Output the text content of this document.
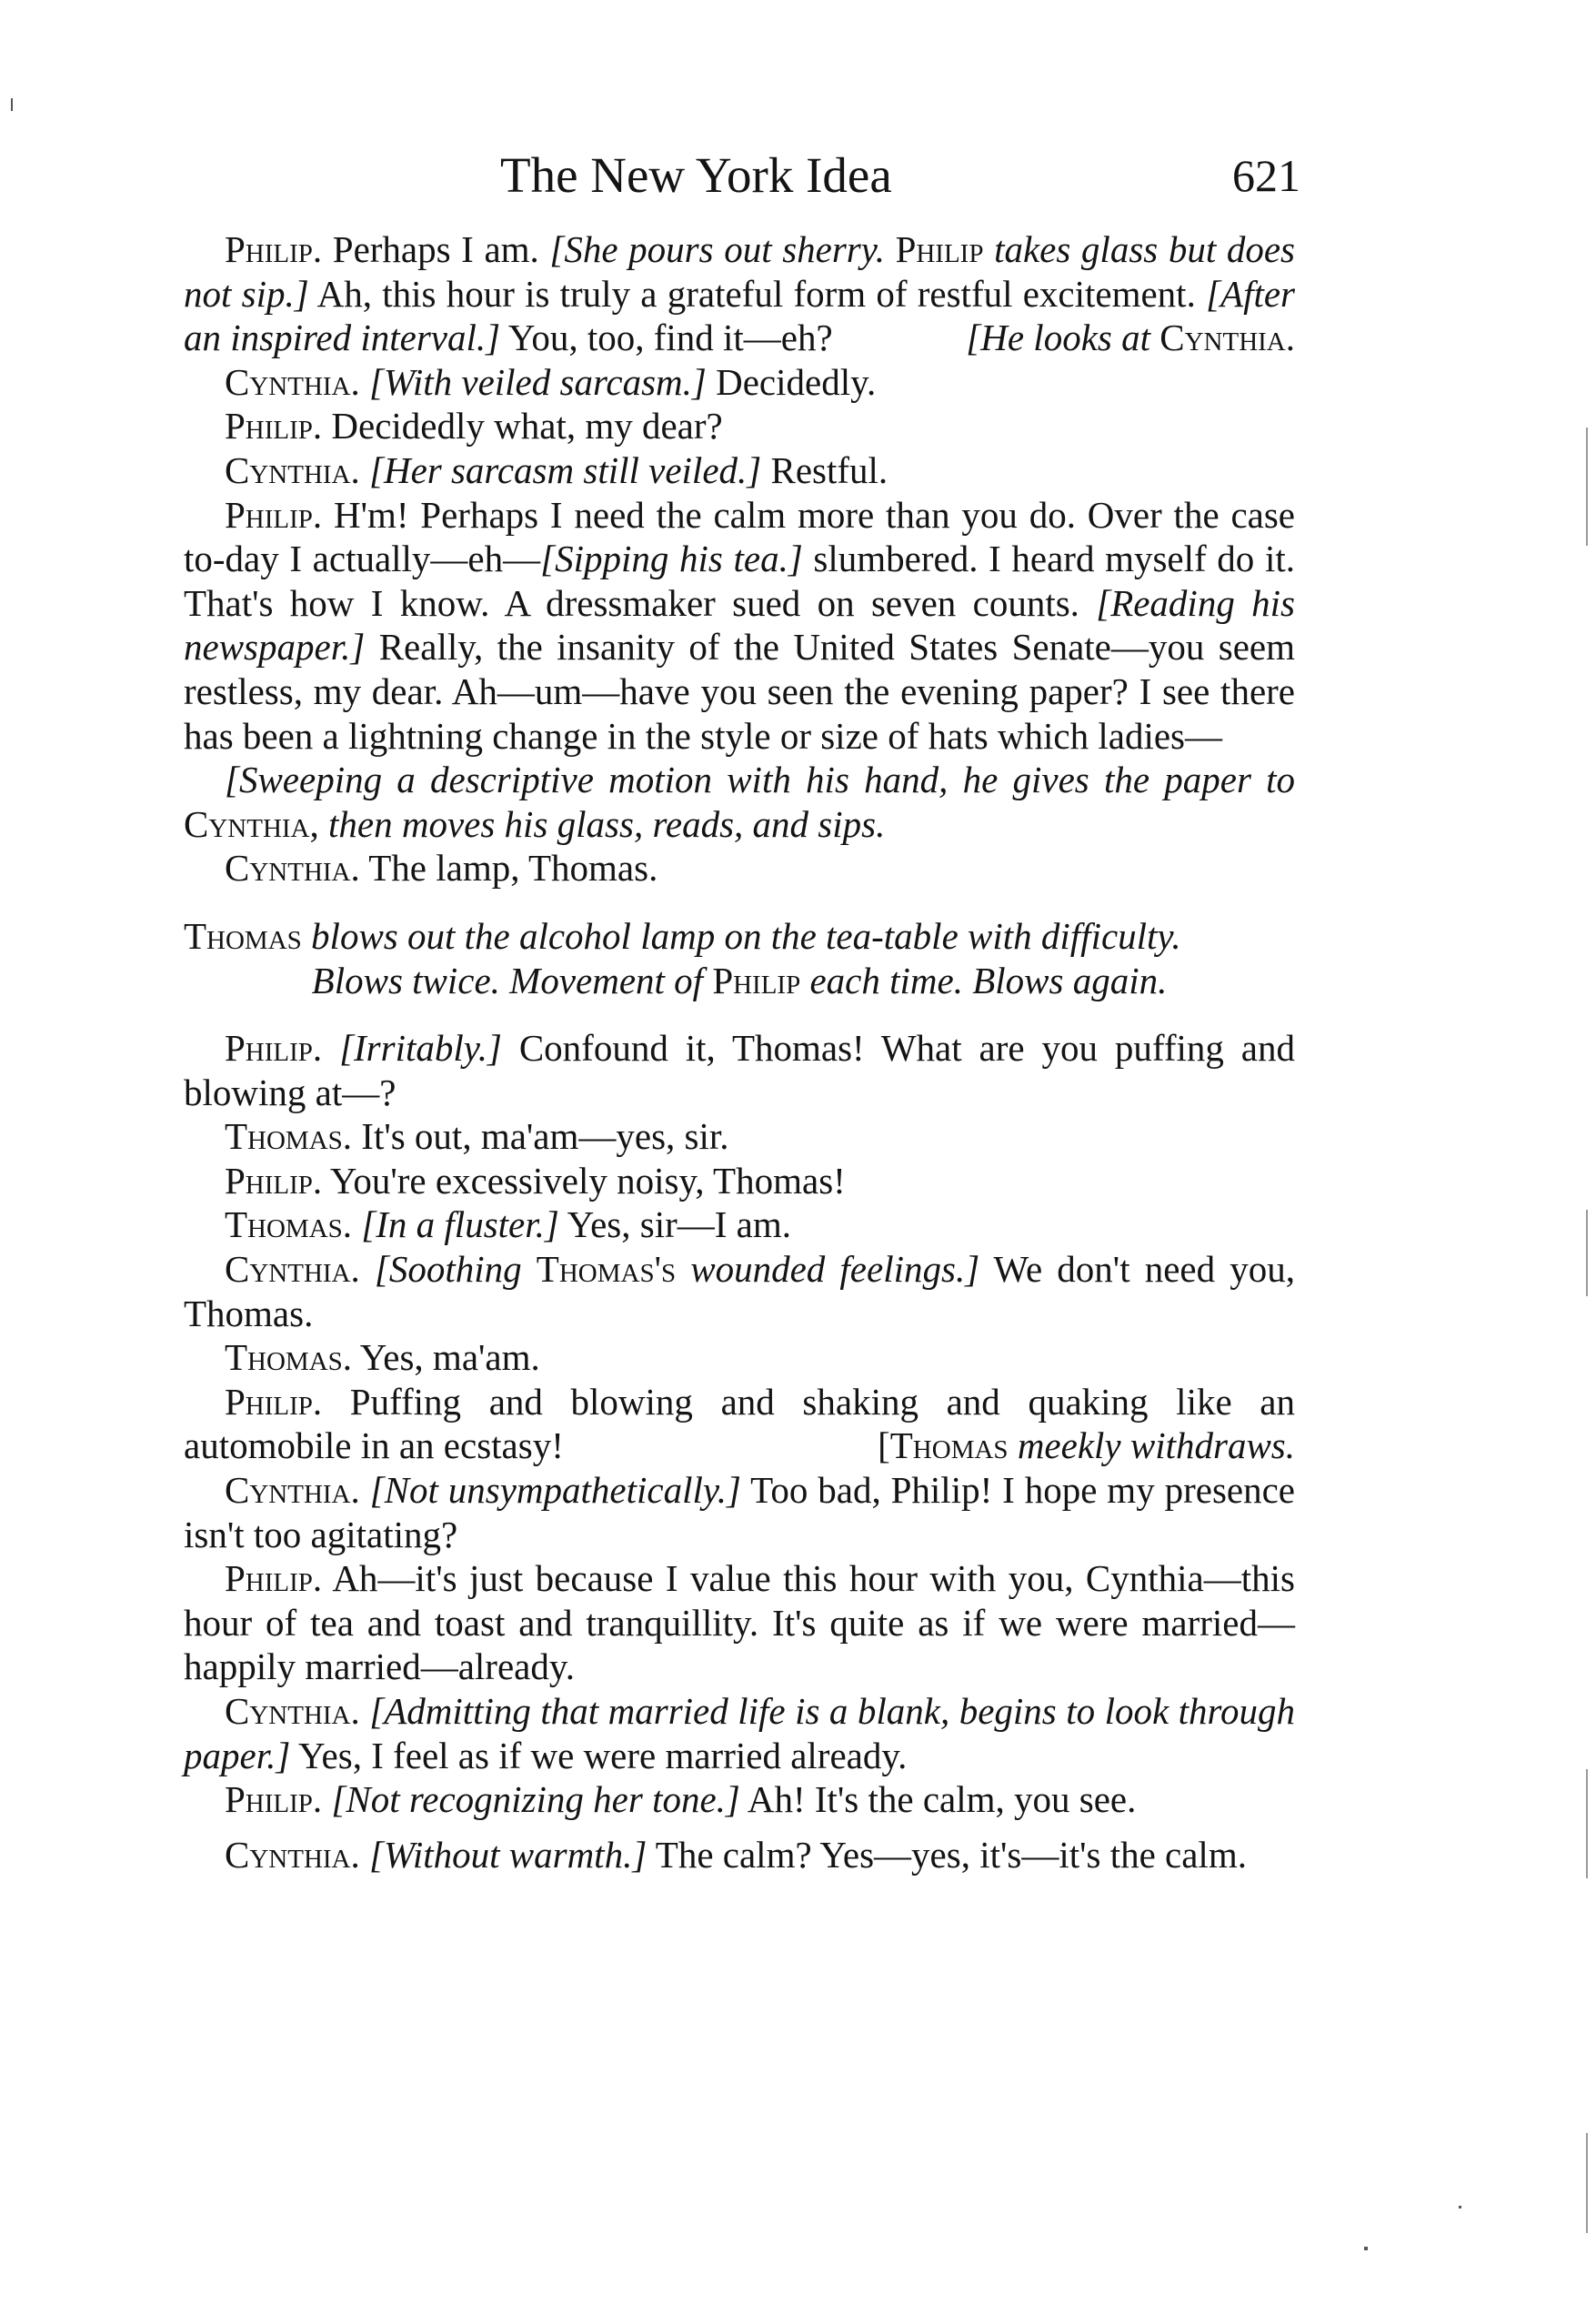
The New York Idea	621

Philip. Perhaps I am. [She pours out sherry. Philip takes glass but does not sip.] Ah, this hour is truly a grateful form of restful excitement. [After an inspired interval.] You, too, find it—eh?	[He looks at Cynthia.

Cynthia. [With veiled sarcasm.] Decidedly.

Philip. Decidedly what, my dear?

Cynthia. [Her sarcasm still veiled.] Restful.

Philip. H'm! Perhaps I need the calm more than you do. Over the case to-day I actually—eh—[Sipping his tea.] slumbered. I heard myself do it. That's how I know. A dressmaker sued on seven counts. [Reading his newspaper.] Really, the insanity of the United States Senate—you seem restless, my dear. Ah—um—have you seen the evening paper? I see there has been a lightning change in the style or size of hats which ladies—

[Sweeping a descriptive motion with his hand, he gives the paper to Cynthia, then moves his glass, reads, and sips.

Cynthia. The lamp, Thomas.

Thomas blows out the alcohol lamp on the tea-table with difficulty.

Blows twice. Movement of Philip each time. Blows again.

Philip. [Irritably.] Confound it, Thomas! What are you puffing and blowing at—?

Thomas. It's out, ma'am—yes, sir.

Philip. You're excessively noisy, Thomas!

Thomas. [In a fluster.] Yes, sir—I am.

Cynthia. [Soothing Thomas's wounded feelings.] We don't need you, Thomas.

Thomas. Yes, ma'am.

Philip. Puffing and blowing and shaking and quaking like an automobile in an ecstasy!	[Thomas meekly withdraws.

Cynthia. [Not unsympathetically.] Too bad, Philip! I hope my presence isn't too agitating?

Philip. Ah—it's just because I value this hour with you, Cynthia—this hour of tea and toast and tranquillity. It's quite as if we were married—happily married—already.

Cynthia. [Admitting that married life is a blank, begins to look through paper.] Yes, I feel as if we were married already.

Philip. [Not recognizing her tone.] Ah! It's the calm, you see.

Cynthia. [Without warmth.] The calm? Yes—yes, it's—it's the calm.
